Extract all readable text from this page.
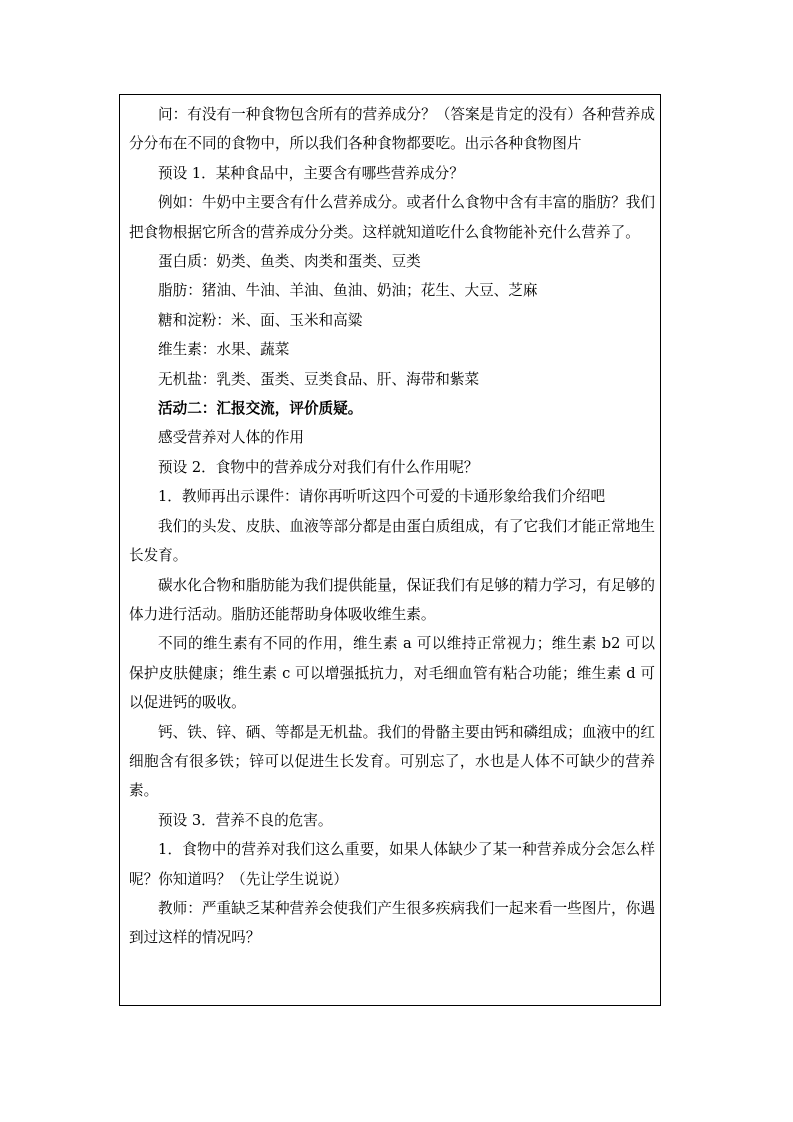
问：有没有一种食物包含所有的营养成分？（答案是肯定的没有）各种营养成分分布在不同的食物中，所以我们各种食物都要吃。出示各种食物图片

预设 1．某种食品中，主要含有哪些营养成分？

例如：牛奶中主要含有什么营养成分。或者什么食物中含有丰富的脂肪？我们把食物根据它所含的营养成分分类。这样就知道吃什么食物能补充什么营养了。

蛋白质：奶类、鱼类、肉类和蛋类、豆类

脂肪：猪油、牛油、羊油、鱼油、奶油；花生、大豆、芝麻

糖和淀粉：米、面、玉米和高粱

维生素：水果、蔬菜

无机盐：乳类、蛋类、豆类食品、肝、海带和紫菜

活动二：汇报交流，评价质疑。

感受营养对人体的作用

预设 2．食物中的营养成分对我们有什么作用呢？

1．教师再出示课件：请你再听听这四个可爱的卡通形象给我们介绍吧

我们的头发、皮肤、血液等部分都是由蛋白质组成，有了它我们才能正常地生长发育。

碳水化合物和脂肪能为我们提供能量，保证我们有足够的精力学习，有足够的体力进行活动。脂肪还能帮助身体吸收维生素。

不同的维生素有不同的作用，维生素 a 可以维持正常视力；维生素 b2 可以保护皮肤健康；维生素 c 可以增强抵抗力，对毛细血管有粘合功能；维生素 d 可以促进钙的吸收。

钙、铁、锌、硒、等都是无机盐。我们的骨骼主要由钙和磷组成；血液中的红细胞含有很多铁；锌可以促进生长发育。可别忘了，水也是人体不可缺少的营养素。

预设 3．营养不良的危害。

1．食物中的营养对我们这么重要，如果人体缺少了某一种营养成分会怎么样呢？你知道吗？（先让学生说说）

教师：严重缺乏某种营养会使我们产生很多疾病我们一起来看一些图片，你遇到过这样的情况吗？
